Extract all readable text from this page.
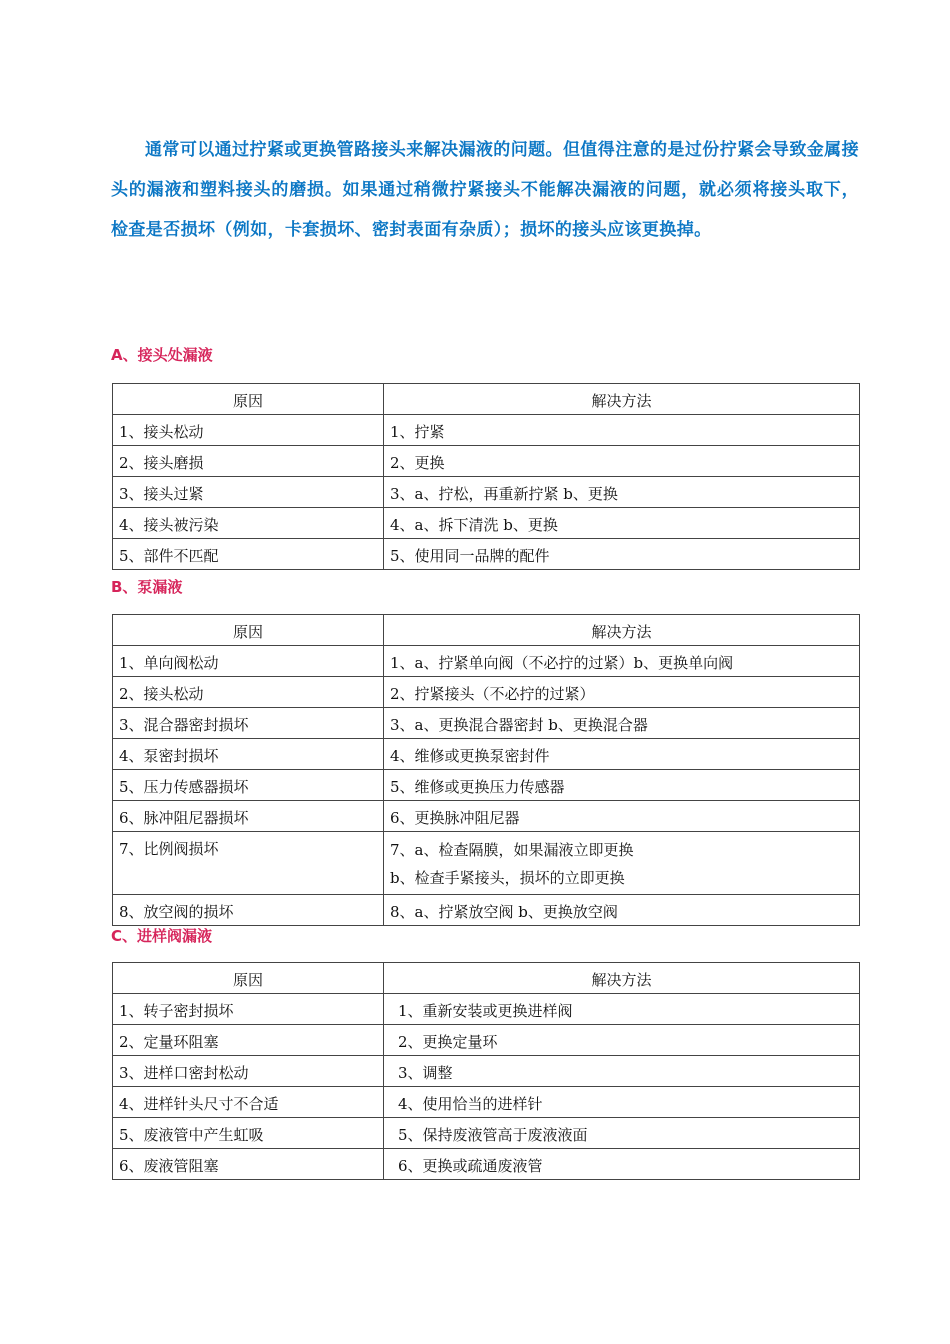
通常可以通过拧紧或更换管路接头来解决漏液的问题。但值得注意的是过份拧紧会导致金属接头的漏液和塑料接头的磨损。如果通过稍微拧紧接头不能解决漏液的问题，就必须将接头取下，检查是否损坏（例如，卡套损坏、密封表面有杂质）；损坏的接头应该更换掉。

A、接头处漏液

原因	解决方法
1、接头松动	1、拧紧
2、接头磨损	2、更换
3、接头过紧	3、a、拧松，再重新拧紧 b、更换
4、接头被污染	4、a、拆下清洗 b、更换
5、部件不匹配	5、使用同一品牌的配件

B、泵漏液

原因	解决方法
1、单向阀松动	1、a、拧紧单向阀（不必拧的过紧）b、更换单向阀
2、接头松动	2、拧紧接头（不必拧的过紧）
3、混合器密封损坏	3、a、更换混合器密封 b、更换混合器
4、泵密封损坏	4、维修或更换泵密封件
5、压力传感器损坏	5、维修或更换压力传感器
6、脉冲阻尼器损坏	6、更换脉冲阻尼器
7、比例阀损坏	7、a、检查隔膜，如果漏液立即更换
b、检查手紧接头，损坏的立即更换

8、放空阀的损坏	8、a、拧紧放空阀 b、更换放空阀

C、进样阀漏液

原因	解决方法
1、转子密封损坏	1、重新安装或更换进样阀
2、定量环阻塞	2、更换定量环
3、进样口密封松动	3、调整
4、进样针头尺寸不合适	4、使用恰当的进样针
5、废液管中产生虹吸	5、保持废液管高于废液液面
6、废液管阻塞	6、更换或疏通废液管
